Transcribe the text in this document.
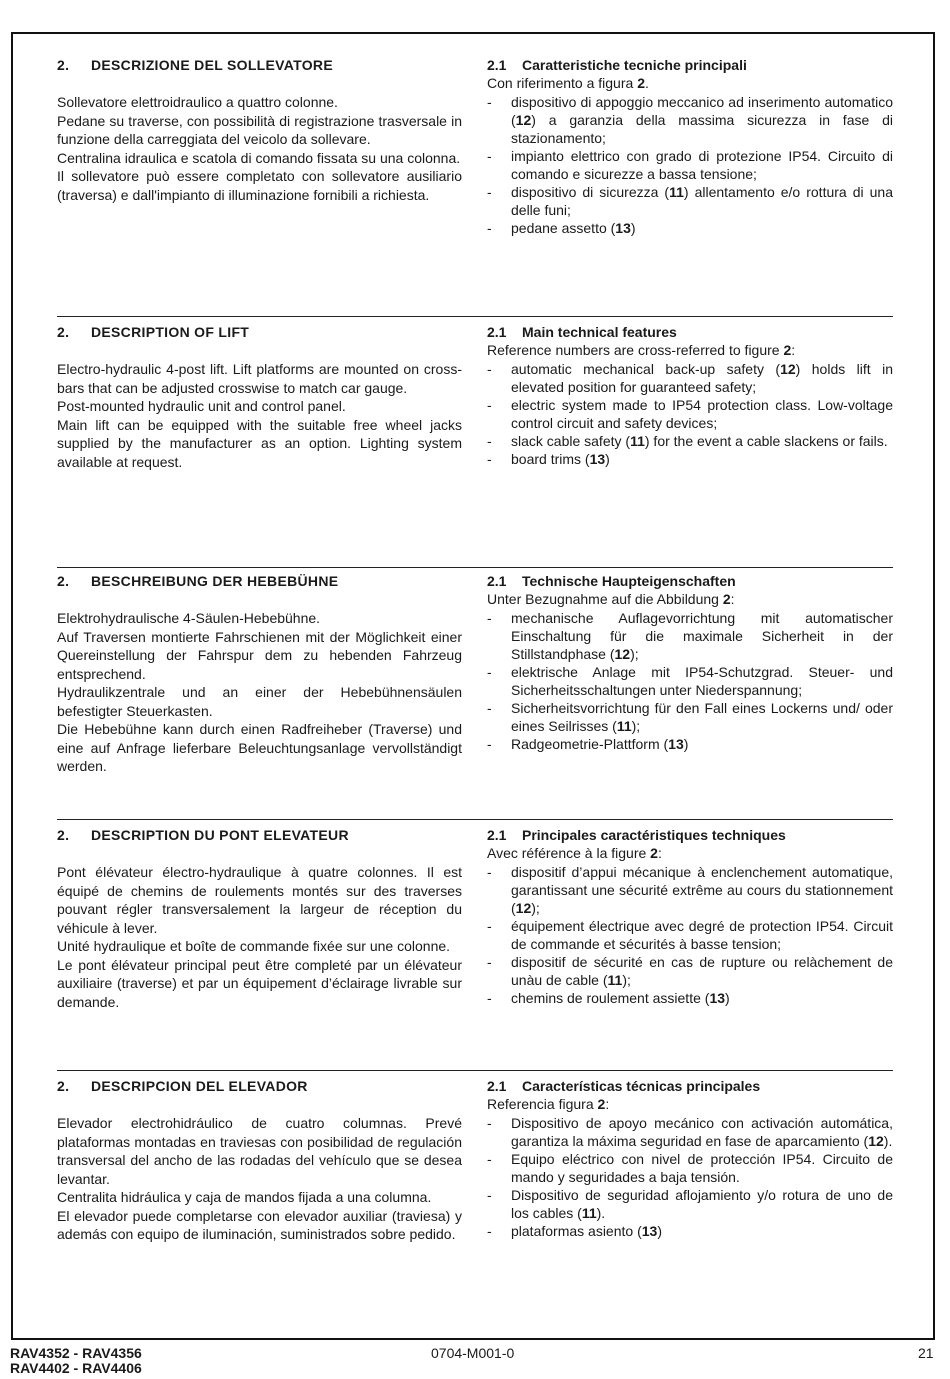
2. DESCRIZIONE DEL SOLLEVATORE

Sollevatore elettroidraulico a quattro colonne.

Pedane su traverse, con possibilità di registrazione trasversale in funzione della carreggiata del veicolo da sollevare.

Centralina idraulica e scatola di comando fissata su una colonna.

Il sollevatore può essere completato con sollevatore ausiliario (traversa) e dall'impianto di illuminazione fornibili a richiesta.

2.1 Caratteristiche tecniche principali

Con riferimento a figura 2.

- dispositivo di appoggio meccanico ad inserimento automatico (12) a garanzia della massima sicurezza in fase di stazionamento;
- impianto elettrico con grado di protezione IP54. Circuito di comando e sicurezze a bassa tensione;
- dispositivo di sicurezza (11) allentamento e/o rottura di una delle funi;
- pedane assetto (13)
2. DESCRIPTION OF LIFT

Electro-hydraulic 4-post lift. Lift platforms are mounted on cross-bars that can be adjusted crosswise to match car gauge.

Post-mounted hydraulic unit and control panel.

Main lift can be equipped with the suitable free wheel jacks supplied by the manufacturer as an option. Lighting system available at request.

2.1 Main technical features

Reference numbers are cross-referred to figure 2:

- automatic mechanical back-up safety (12) holds lift in elevated position for guaranteed safety;
- electric system made to IP54 protection class. Low-voltage control circuit and safety devices;
- slack cable safety (11) for the event a cable slackens or fails.
- board trims (13)
2. BESCHREIBUNG DER HEBEBÜHNE

Elektrohydraulische 4-Säulen-Hebebühne.

Auf Traversen montierte Fahrschienen mit der Möglichkeit einer Quereinstellung der Fahrspur dem zu hebenden Fahrzeug entsprechend.

Hydraulikzentrale und an einer der Hebebühnensäulen befestigter Steuerkasten.

Die Hebebühne kann durch einen Radfreiheber (Traverse) und eine auf Anfrage lieferbare Beleuchtungsanlage vervollständigt werden.

2.1 Technische Haupteigenschaften

Unter Bezugnahme auf die Abbildung 2:

- mechanische Auflagevorrichtung mit automatischer Einschaltung für die maximale Sicherheit in der Stillstandphase (12);
- elektrische Anlage mit IP54-Schutzgrad. Steuer- und Sicherheitsschaltungen unter Niederspannung;
- Sicherheitsvorrichtung für den Fall eines Lockerns und/ oder eines Seilrisses (11);
- Radgeometrie-Plattform (13)
2. DESCRIPTION DU PONT ELEVATEUR

Pont élévateur électro-hydraulique à quatre colonnes. Il est équipé de chemins de roulements montés sur des traverses pouvant régler transversalement la largeur de réception du véhicule à lever.

Unité hydraulique et boîte de commande fixée sur une colonne.

Le pont élévateur principal peut être completé par un élévateur auxiliaire (traverse) et par un équipement d’éclairage livrable sur demande.

2.1 Principales caractéristiques techniques

Avec référence à la figure 2:

- dispositif d’appui mécanique à enclenchement automatique, garantissant une sécurité extrême au cours du stationnement (12);
- équipement électrique avec degré de protection IP54. Circuit de commande et sécurités à basse tension;
- dispositif de sécurité en cas de rupture ou relàchement de unàu de cable (11);
- chemins de roulement assiette (13)
2. DESCRIPCION DEL ELEVADOR

Elevador electrohidráulico de cuatro columnas. Prevé plataformas montadas en traviesas con posibilidad de regulación transversal del ancho de las rodadas del vehículo que se desea levantar.

Centralita hidráulica y caja de mandos fijada a una columna.

El elevador puede completarse con elevador auxiliar (traviesa) y además con equipo de iluminación, suministrados sobre pedido.

2.1 Características técnicas principales

Referencia figura 2:

- Dispositivo de apoyo mecánico con activación automática, garantiza la máxima seguridad en fase de aparcamiento (12).
- Equipo eléctrico con nivel de protección IP54. Circuito de mando y seguridades a baja tensión.
- Dispositivo de seguridad aflojamiento y/o rotura de uno de los cables (11).
- plataformas asiento (13)
RAV4352 - RAV4356
RAV4402 - RAV4406
0704-M001-0	21
